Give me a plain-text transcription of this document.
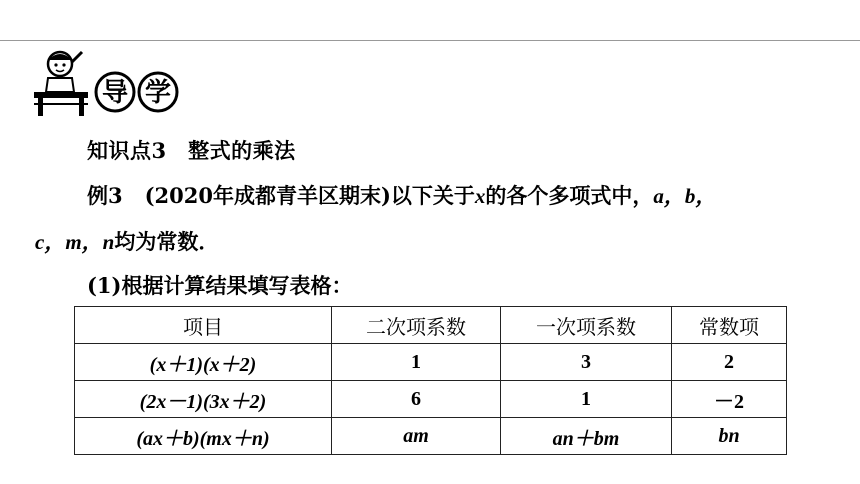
导 学
知识点3　整式的乘法
例3 (2020年成都青羊区期末)以下关于x的各个多项式中，a，b，
c，m，n均为常数．
(1)根据计算结果填写表格：
项目	二次项系数	一次项系数	常数项
(x＋1)(x＋2)	1	3	2
(2x－1)(3x＋2)	6	1	－2
(ax＋b)(mx＋n)	am	an＋bm	bn
